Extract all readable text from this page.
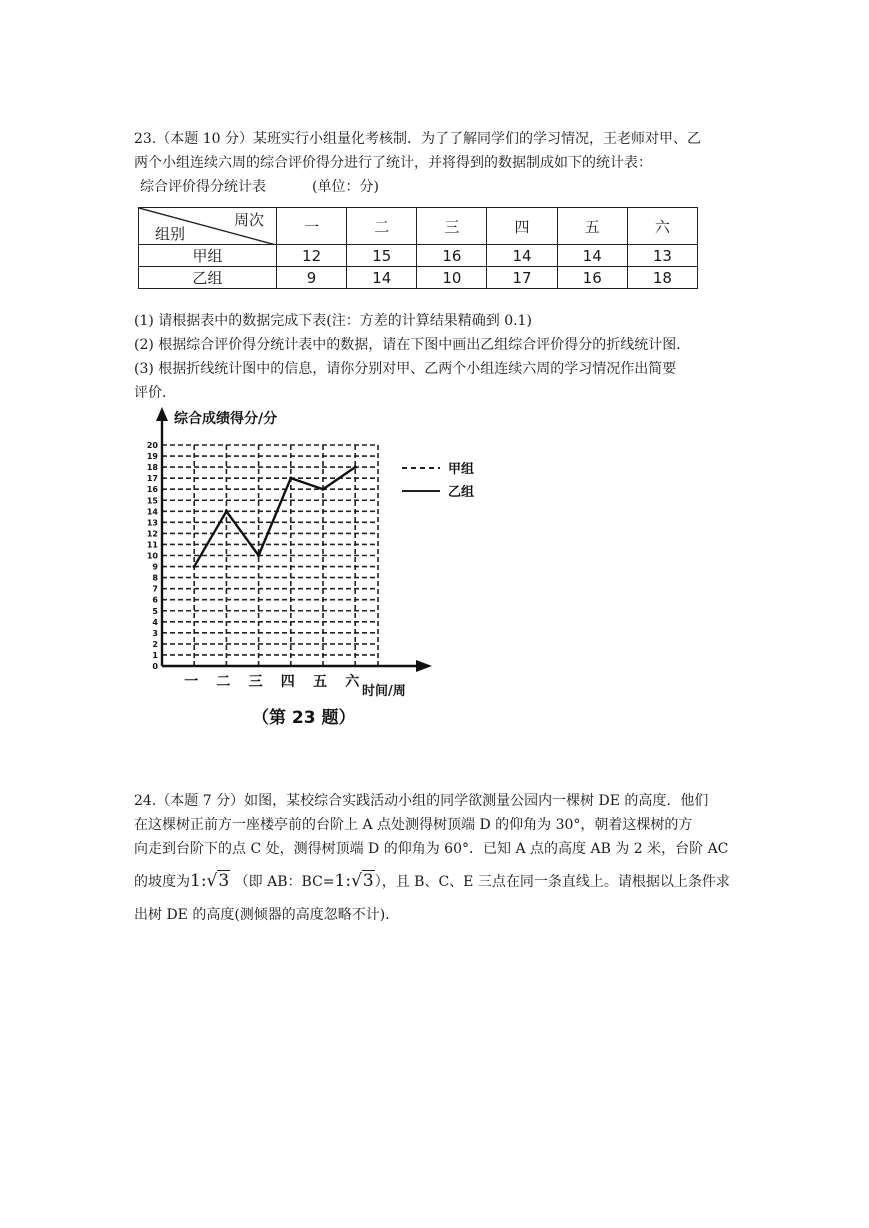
23.（本题 10 分）某班实行小组量化考核制．为了了解同学们的学习情况，王老师对甲、乙
两个小组连续六周的综合评价得分进行了统计，并将得到的数据制成如下的统计表：
综合评价得分统计表	(单位：分)
周次
组别	一	二	三	四	五	六
甲组	12	15	16	14	14	13
乙组	9	14	10	17	16	18
(1) 请根据表中的数据完成下表(注：方差的计算结果精确到 0.1)
(2) 根据综合评价得分统计表中的数据，请在下图中画出乙组综合评价得分的折线统计图．
(3) 根据折线统计图中的信息，请你分别对甲、乙两个小组连续六周的学习情况作出简要
评价．
0
1
2
3
4
5
6
7
8
9
10
11
12
13
14
15
16
17
18
19
20
一 二 三 四 五 六
综合成绩得分/分
时间/周
甲组
乙组
（第 23 题）
24.（本题 7 分）如图，某校综合实践活动小组的同学欲测量公园内一棵树 DE 的高度．他们
在这棵树正前方一座楼亭前的台阶上 A 点处测得树顶端 D 的仰角为 30°，朝着这棵树的方
向走到台阶下的点 C 处，测得树顶端 D 的仰角为 60°．已知 A 点的高度 AB 为 2 米，台阶 AC
的坡度为1:√3 （即 AB：BC=1:√3），且 B、C、E 三点在同一条直线上。请根据以上条件求
出树 DE 的高度(测倾器的高度忽略不计)．
